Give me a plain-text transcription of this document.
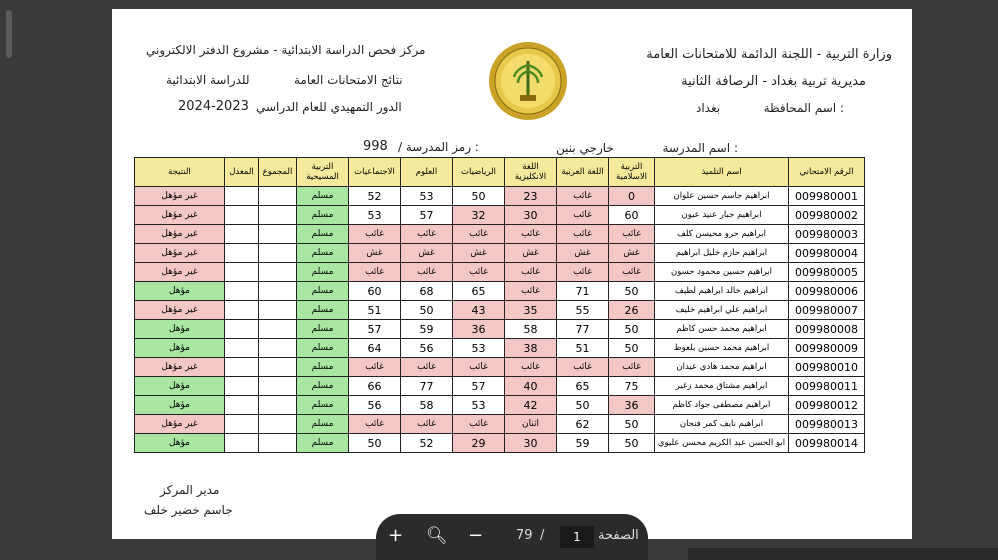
وزارة التربية - اللجنة الدائمة للامتحانات العامة
مديرية تربية بغداد - الرصافة الثانية
اسم المحافظة :
بغداد
مركز فحص الدراسة الابتدائية - مشروع الدفتر الالكتروني
نتائج الامتحانات العامة
للدراسة الابتدائية
الدور التمهيدي للعام الدراسي
2024-2023
اسم المدرسة :
خارجي بنين
/ رمز المدرسة :
998
الرقم الامتحاني	اسم التلميذ	التربية الاسلامية	اللغة العربية	اللغة الانكليزية	الرياضيات	العلوم	الاجتماعيات	التربية المسيحية	المجموع	المعدل	النتيجة
009980001	ابراهيم جاسم حسين علوان	0	غائب	23	50	53	52	مسلم			غير مؤهل
009980002	ابراهيم جبار عنيد عيون	60	غائب	30	32	57	53	مسلم			غير مؤهل
009980003	ابراهيم جرو محيسن كلف	غائب	غائب	غائب	غائب	غائب	غائب	مسلم			غير مؤهل
009980004	ابراهيم حازم خليل ابراهيم	غش	غش	غش	غش	غش	غش	مسلم			غير مؤهل
009980005	ابراهيم حسين محمود حسون	غائب	غائب	غائب	غائب	غائب	غائب	مسلم			غير مؤهل
009980006	ابراهيم خالد ابراهيم لطيف	50	71	غائب	65	68	60	مسلم			مؤهل
009980007	ابراهيم علي ابراهيم خليف	26	55	35	43	50	51	مسلم			غير مؤهل
009980008	ابراهيم محمد حسن كاظم	50	77	58	36	59	57	مسلم			مؤهل
009980009	ابراهيم محمد حسين بلعوط	50	51	38	53	56	64	مسلم			مؤهل
009980010	ابراهيم محمد هادي عيدان	غائب	غائب	غائب	غائب	غائب	غائب	مسلم			غير مؤهل
009980011	ابراهيم مشتاق محمد زغير	75	65	40	57	77	66	مسلم			مؤهل
009980012	ابراهيم مصطفى جواد كاظم	36	50	42	53	58	56	مسلم			مؤهل
009980013	ابراهيم نايف كمر فنجان	50	62	اثنان	غائب	غائب	غائب	مسلم			غير مؤهل
009980014	ابو الحسن عبد الكريم محسن عليوي	50	59	30	29	52	50	مسلم			مؤهل
مدير المركز
جاسم خضير خلف
+ 🔍︎ −	79 /	1	الصفحة
